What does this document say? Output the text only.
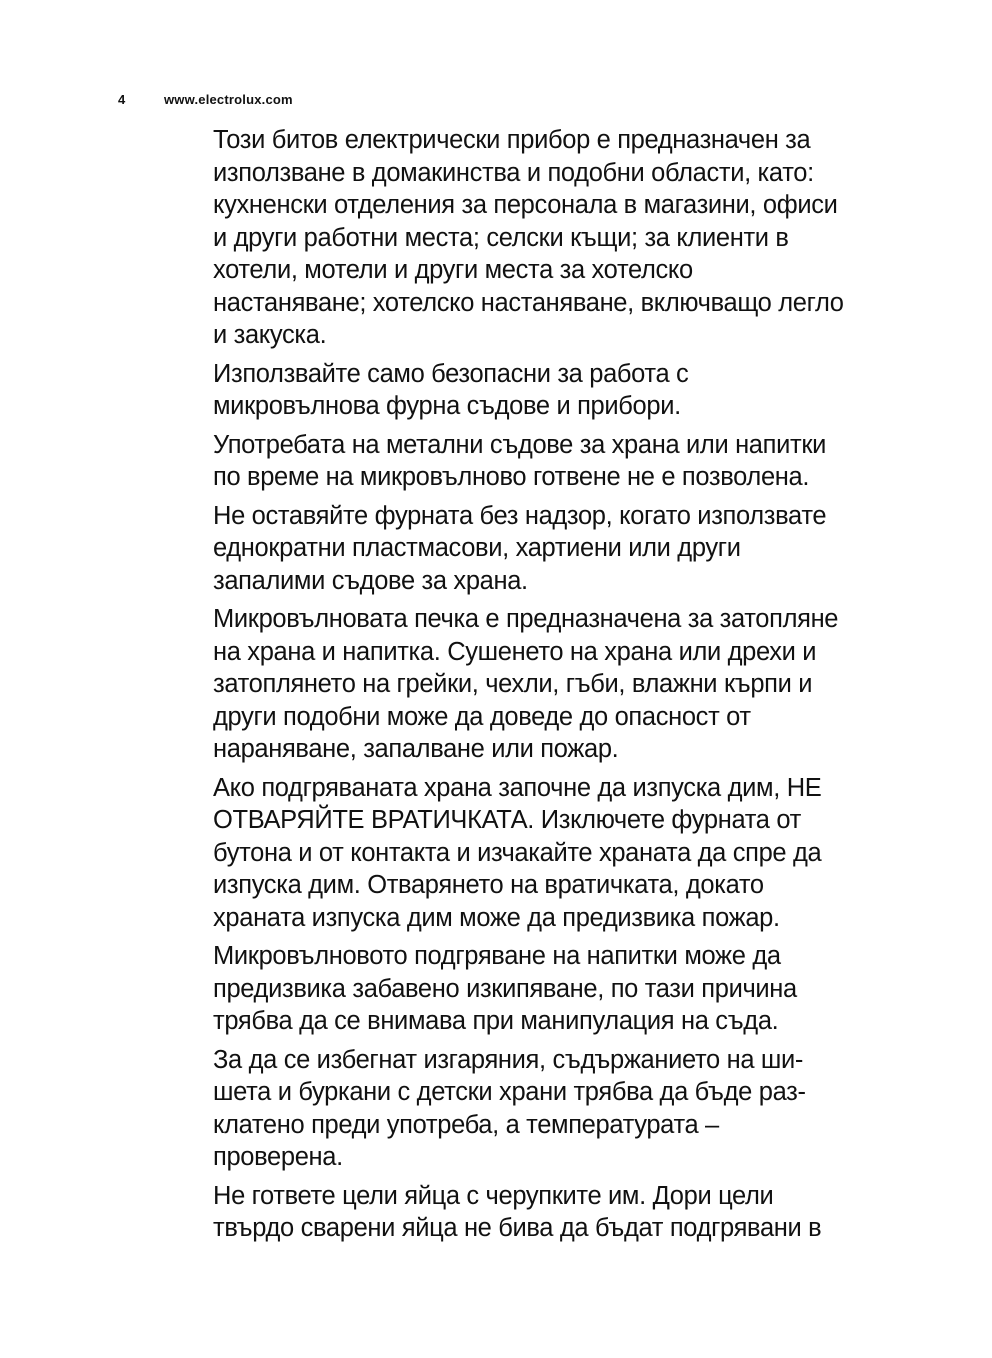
4	www.electrolux.com

Този битов електрически прибор е предназначен за
използване в домакинства и подобни области, като:
кухненски отделения за персонала в магазини, офиси
и други работни места; селски къщи; за клиенти в
хотели, мотели и други места за хотелско
настаняване; хотелско настаняване, включващо легло
и закуска.

Използвайте само безопасни за работа с
микровълнова фурна съдове и прибори.

Употребата на метални съдове за храна или напитки
по време на микровълново готвене не е позволена.

Не оставяйте фурната без надзор, когато използвате
еднократни пластмасови, хартиени или други
запалими съдове за храна.

Микровълновата печка е предназначена за затопляне
на храна и напитка. Сушенето на храна или дрехи и
затоплянето на грейки, чехли, гъби, влажни кърпи и
други подобни може да доведе до опасност от
нараняване, запалване или пожар.

Ако подгряваната храна започне да изпуска дим, НЕ
ОТВАРЯЙТЕ ВРАТИЧКАТА. Изключете фурната от
бутона и от контакта и изчакайте храната да спре да
изпуска дим. Отварянето на вратичката, докато
храната изпуска дим може да предизвика пожар.

Микровълновото подгряване на напитки може да
предизвика забавено изкипяване, по тази причина
трябва да се внимава при манипулация на съда.

За да се избегнат изгаряния, съдържанието на ши-
шета и буркани с детски храни трябва да бъде раз-
клатено преди употреба, а температурата –
проверена.

Не гответе цели яйца с черупките им. Дори цели
твърдо сварени яйца не бива да бъдат подгрявани в
